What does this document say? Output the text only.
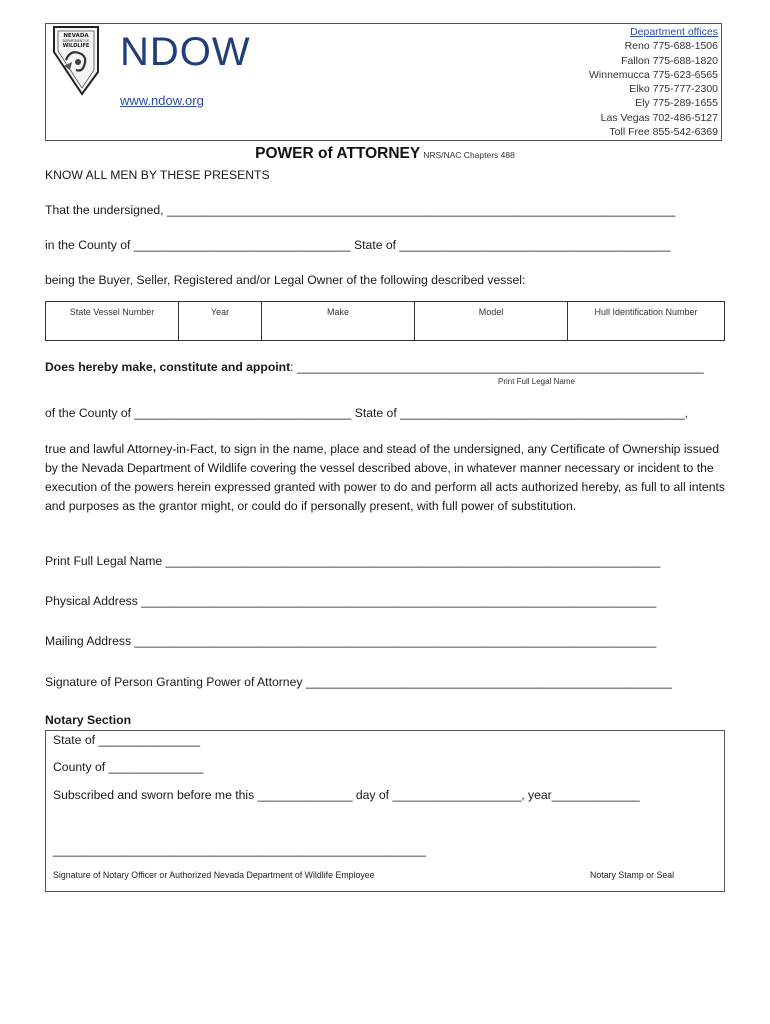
NEVADA
DEPARTMENT OF
WILDLIFE NDOW
www.ndow.org
Department offices
Reno 775-688-1506
Fallon 775-688-1820
Winnemucca 775-623-6565
Elko 775-777-2300
Ely 775-289-1655
Las Vegas 702-486-5127
Toll Free 855-542-6369
POWER of ATTORNEY NRS/NAC Chapters 488
KNOW ALL MEN BY THESE PRESENTS
That the undersigned, ___________________________________________________________________________
in the County of ________________________________ State of ________________________________________
being the Buyer, Seller, Registered and/or Legal Owner of the following described vessel:
State Vessel Number	Year	Make	Model	Hull Identification Number
Does hereby make, constitute and appoint: ____________________________________________________________
Print Full Legal Name
of the County of ________________________________ State of __________________________________________,
true and lawful Attorney-in-Fact, to sign in the name, place and stead of the undersigned, any Certificate of Ownership issued by the Nevada Department of Wildlife covering the vessel described above, in whatever manner necessary or incident to the execution of the powers herein expressed granted with power to do and perform all acts authorized hereby, as full to all intents and purposes as the grantor might, or could do if personally present, with full power of substitution.
Print Full Legal Name _________________________________________________________________________
Physical Address ____________________________________________________________________________
Mailing Address _____________________________________________________________________________
Signature of Person Granting Power of Attorney ______________________________________________________
Notary Section
State of _______________
County of ______________
Subscribed and sworn before me this ______________ day of ___________________, year_____________
_______________________________________________________
Signature of Notary Officer or Authorized Nevada Department of Wildlife Employee	Notary Stamp or Seal
